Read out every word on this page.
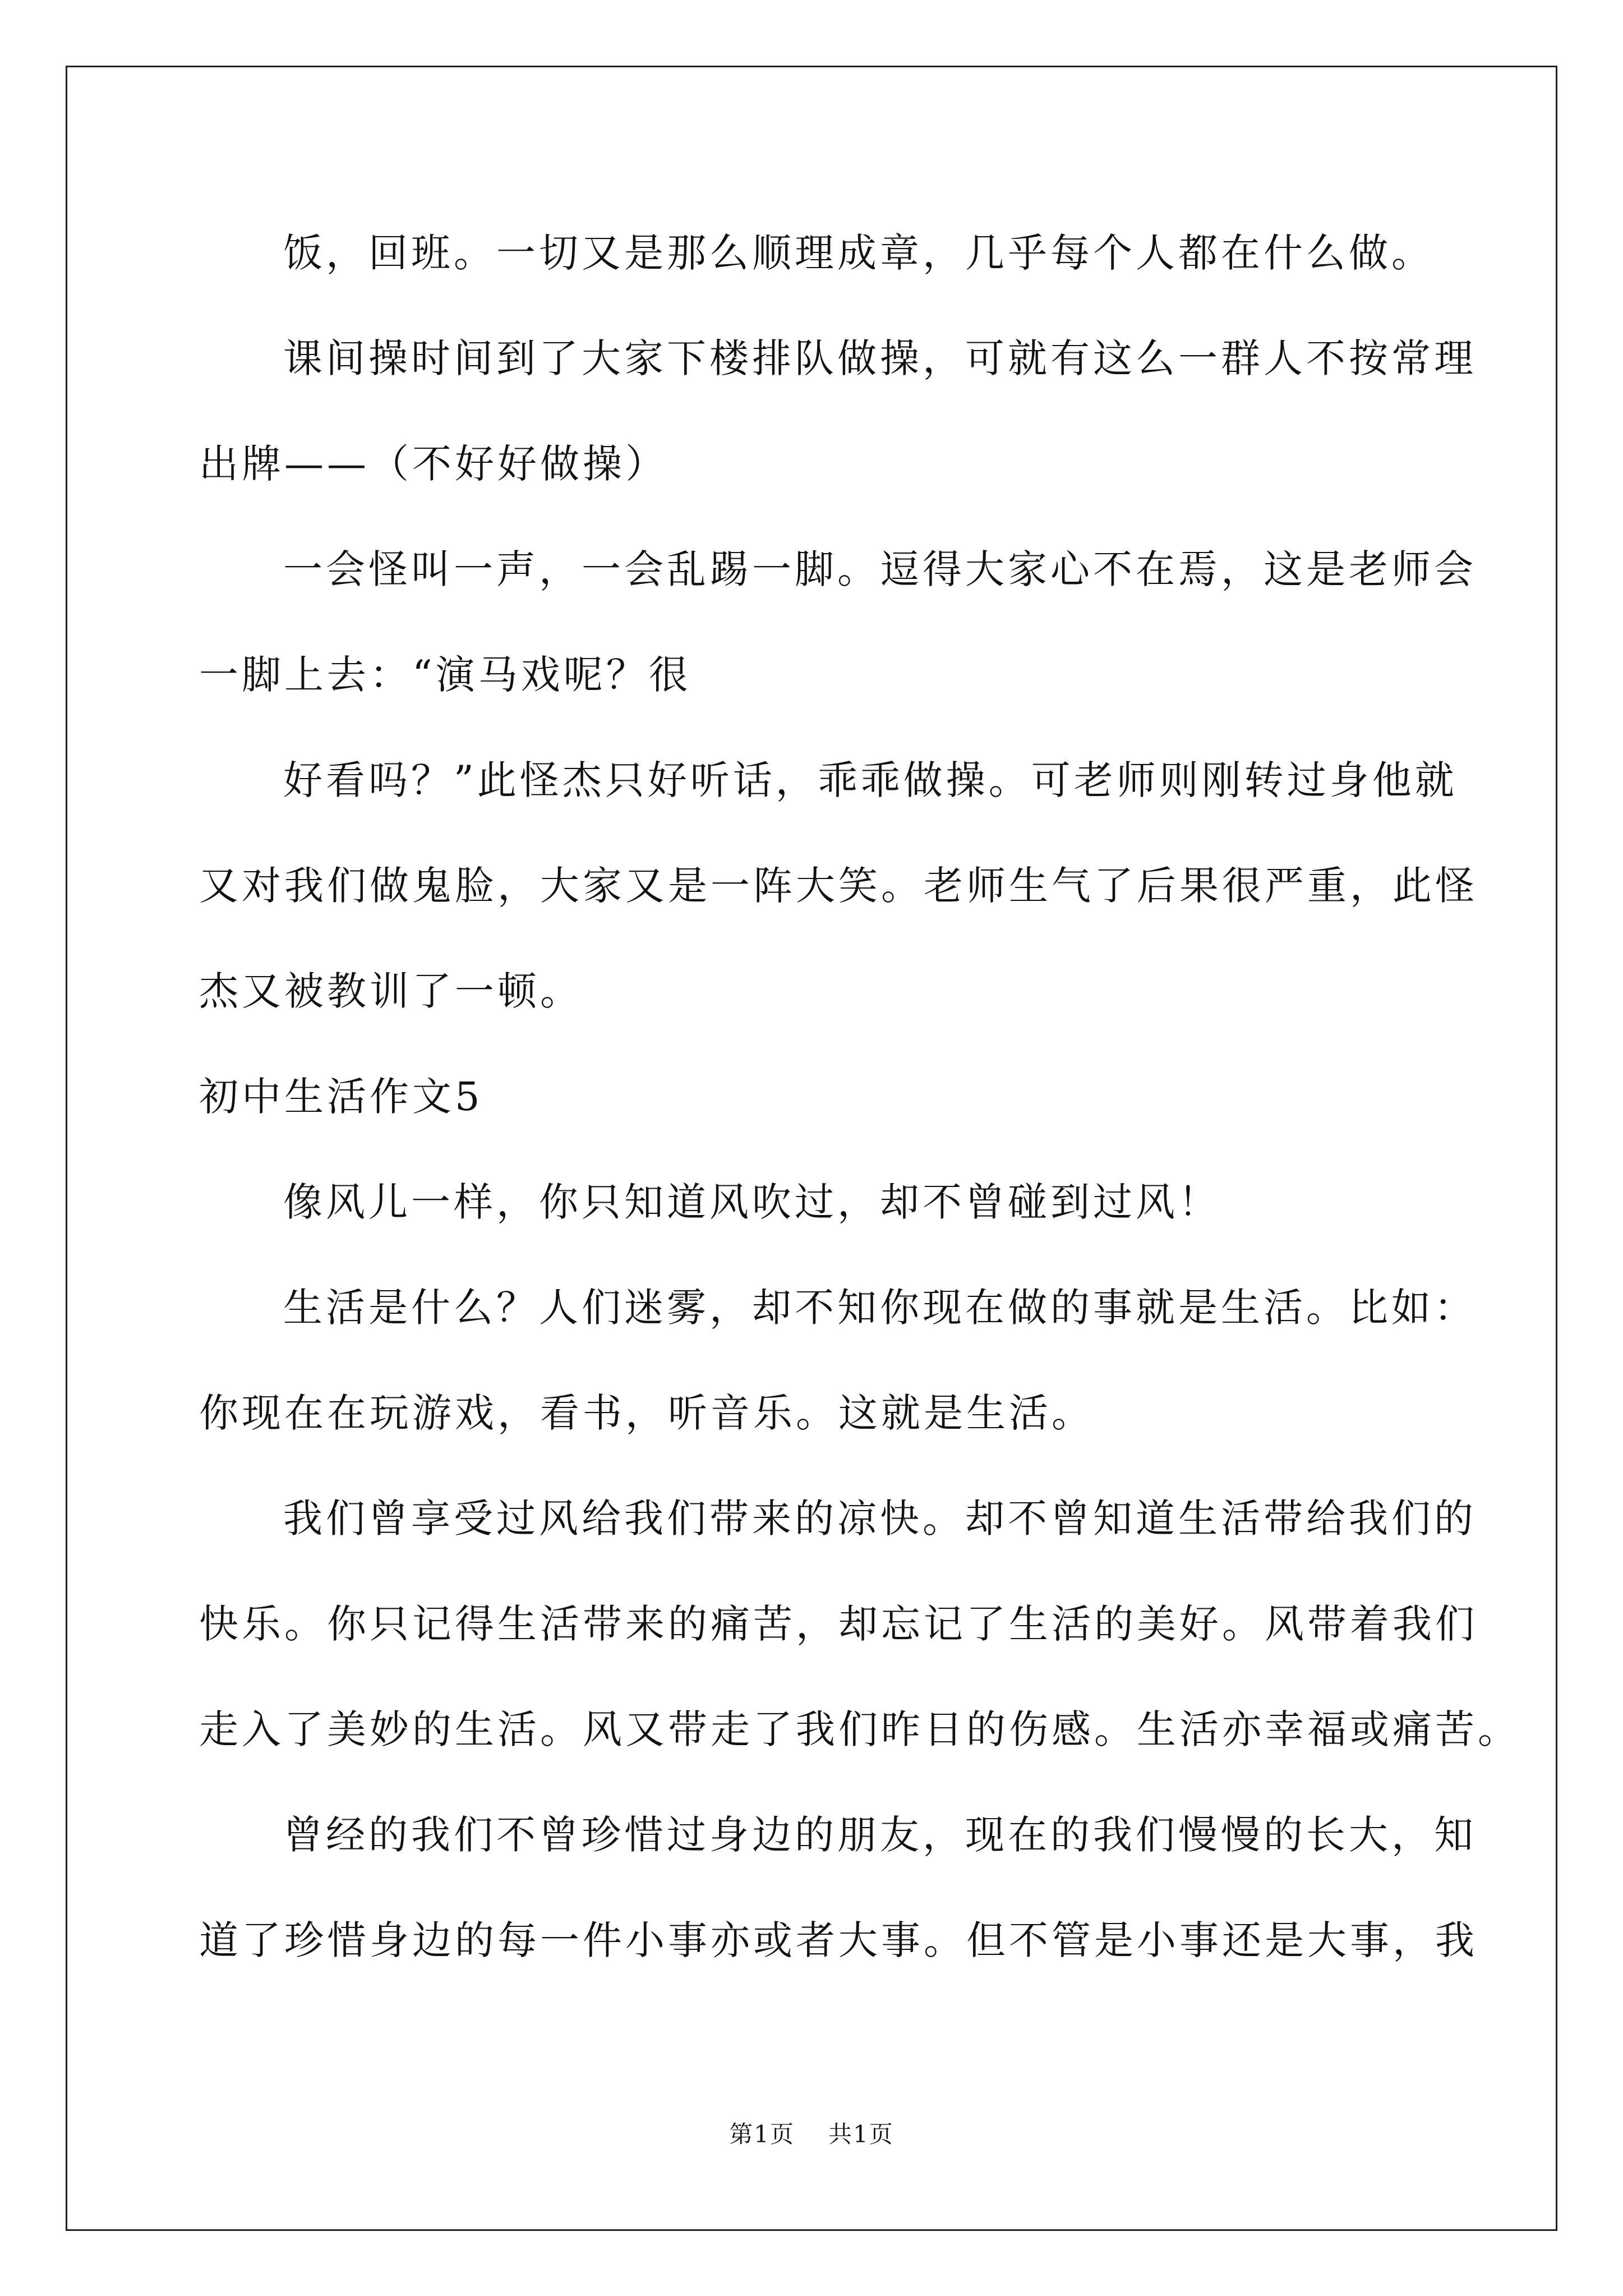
饭，回班。一切又是那么顺理成章，几乎每个人都在什么做。
课间操时间到了大家下楼排队做操，可就有这么一群人不按常理
出牌——（不好好做操）
一会怪叫一声，一会乱踢一脚。逗得大家心不在焉，这是老师会
一脚上去：“演马戏呢？很
好看吗？”此怪杰只好听话，乖乖做操。可老师则刚转过身他就
又对我们做鬼脸，大家又是一阵大笑。老师生气了后果很严重，此怪
杰又被教训了一顿。
初中生活作文5
像风儿一样，你只知道风吹过，却不曾碰到过风！
生活是什么？人们迷雾，却不知你现在做的事就是生活。比如：
你现在在玩游戏，看书，听音乐。这就是生活。
我们曾享受过风给我们带来的凉快。却不曾知道生活带给我们的
快乐。你只记得生活带来的痛苦，却忘记了生活的美好。风带着我们
走入了美妙的生活。风又带走了我们昨日的伤感。生活亦幸福或痛苦。
曾经的我们不曾珍惜过身边的朋友，现在的我们慢慢的长大，知
道了珍惜身边的每一件小事亦或者大事。但不管是小事还是大事，我
第1页 共1页
